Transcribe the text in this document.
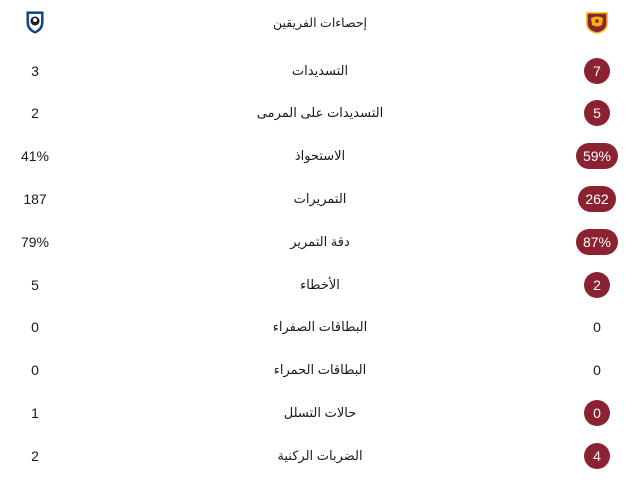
إحصاءات الفريقين
3	التسديدات	7
2	التسديدات على المرمى	5
41%	الاستحواذ	59%
187	التمريرات	262
79%	دقة التمرير	87%
5	الأخطاء	2
0	البطاقات الصفراء	0
0	البطاقات الحمراء	0
1	حالات التسلل	0
2	الضربات الركنية	4
